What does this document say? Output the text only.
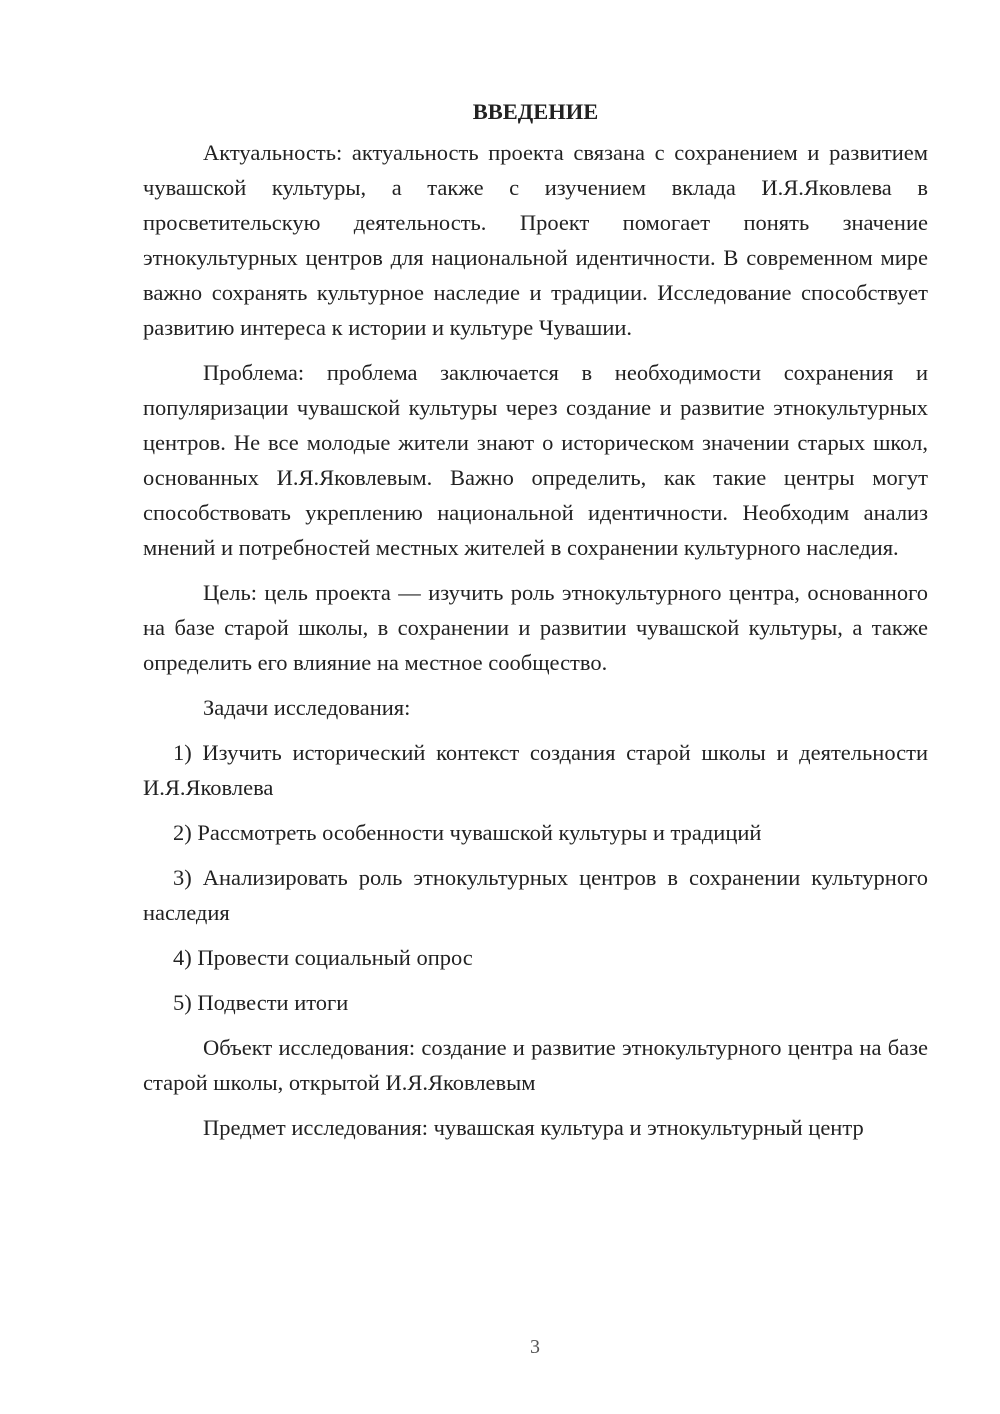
ВВЕДЕНИЕ

Актуальность: актуальность проекта связана с сохранением и развитием чувашской культуры, а также с изучением вклада И.Я.Яковлева в просветительскую деятельность. Проект помогает понять значение этнокультурных центров для национальной идентичности. В современном мире важно сохранять культурное наследие и традиции. Исследование способствует развитию интереса к истории и культуре Чувашии.

Проблема: проблема заключается в необходимости сохранения и популяризации чувашской культуры через создание и развитие этнокультурных центров. Не все молодые жители знают о историческом значении старых школ, основанных И.Я.Яковлевым. Важно определить, как такие центры могут способствовать укреплению национальной идентичности. Необходим анализ мнений и потребностей местных жителей в сохранении культурного наследия.

Цель: цель проекта — изучить роль этнокультурного центра, основанного на базе старой школы, в сохранении и развитии чувашской культуры, а также определить его влияние на местное сообщество.

Задачи исследования:

1) Изучить исторический контекст создания старой школы и деятельности И.Я.Яковлева

2) Рассмотреть особенности чувашской культуры и традиций

3) Анализировать роль этнокультурных центров в сохранении культурного наследия

4) Провести социальный опрос

5) Подвести итоги

Объект исследования: создание и развитие этнокультурного центра на базе старой школы, открытой И.Я.Яковлевым

Предмет исследования: чувашская культура и этнокультурный центр

3
